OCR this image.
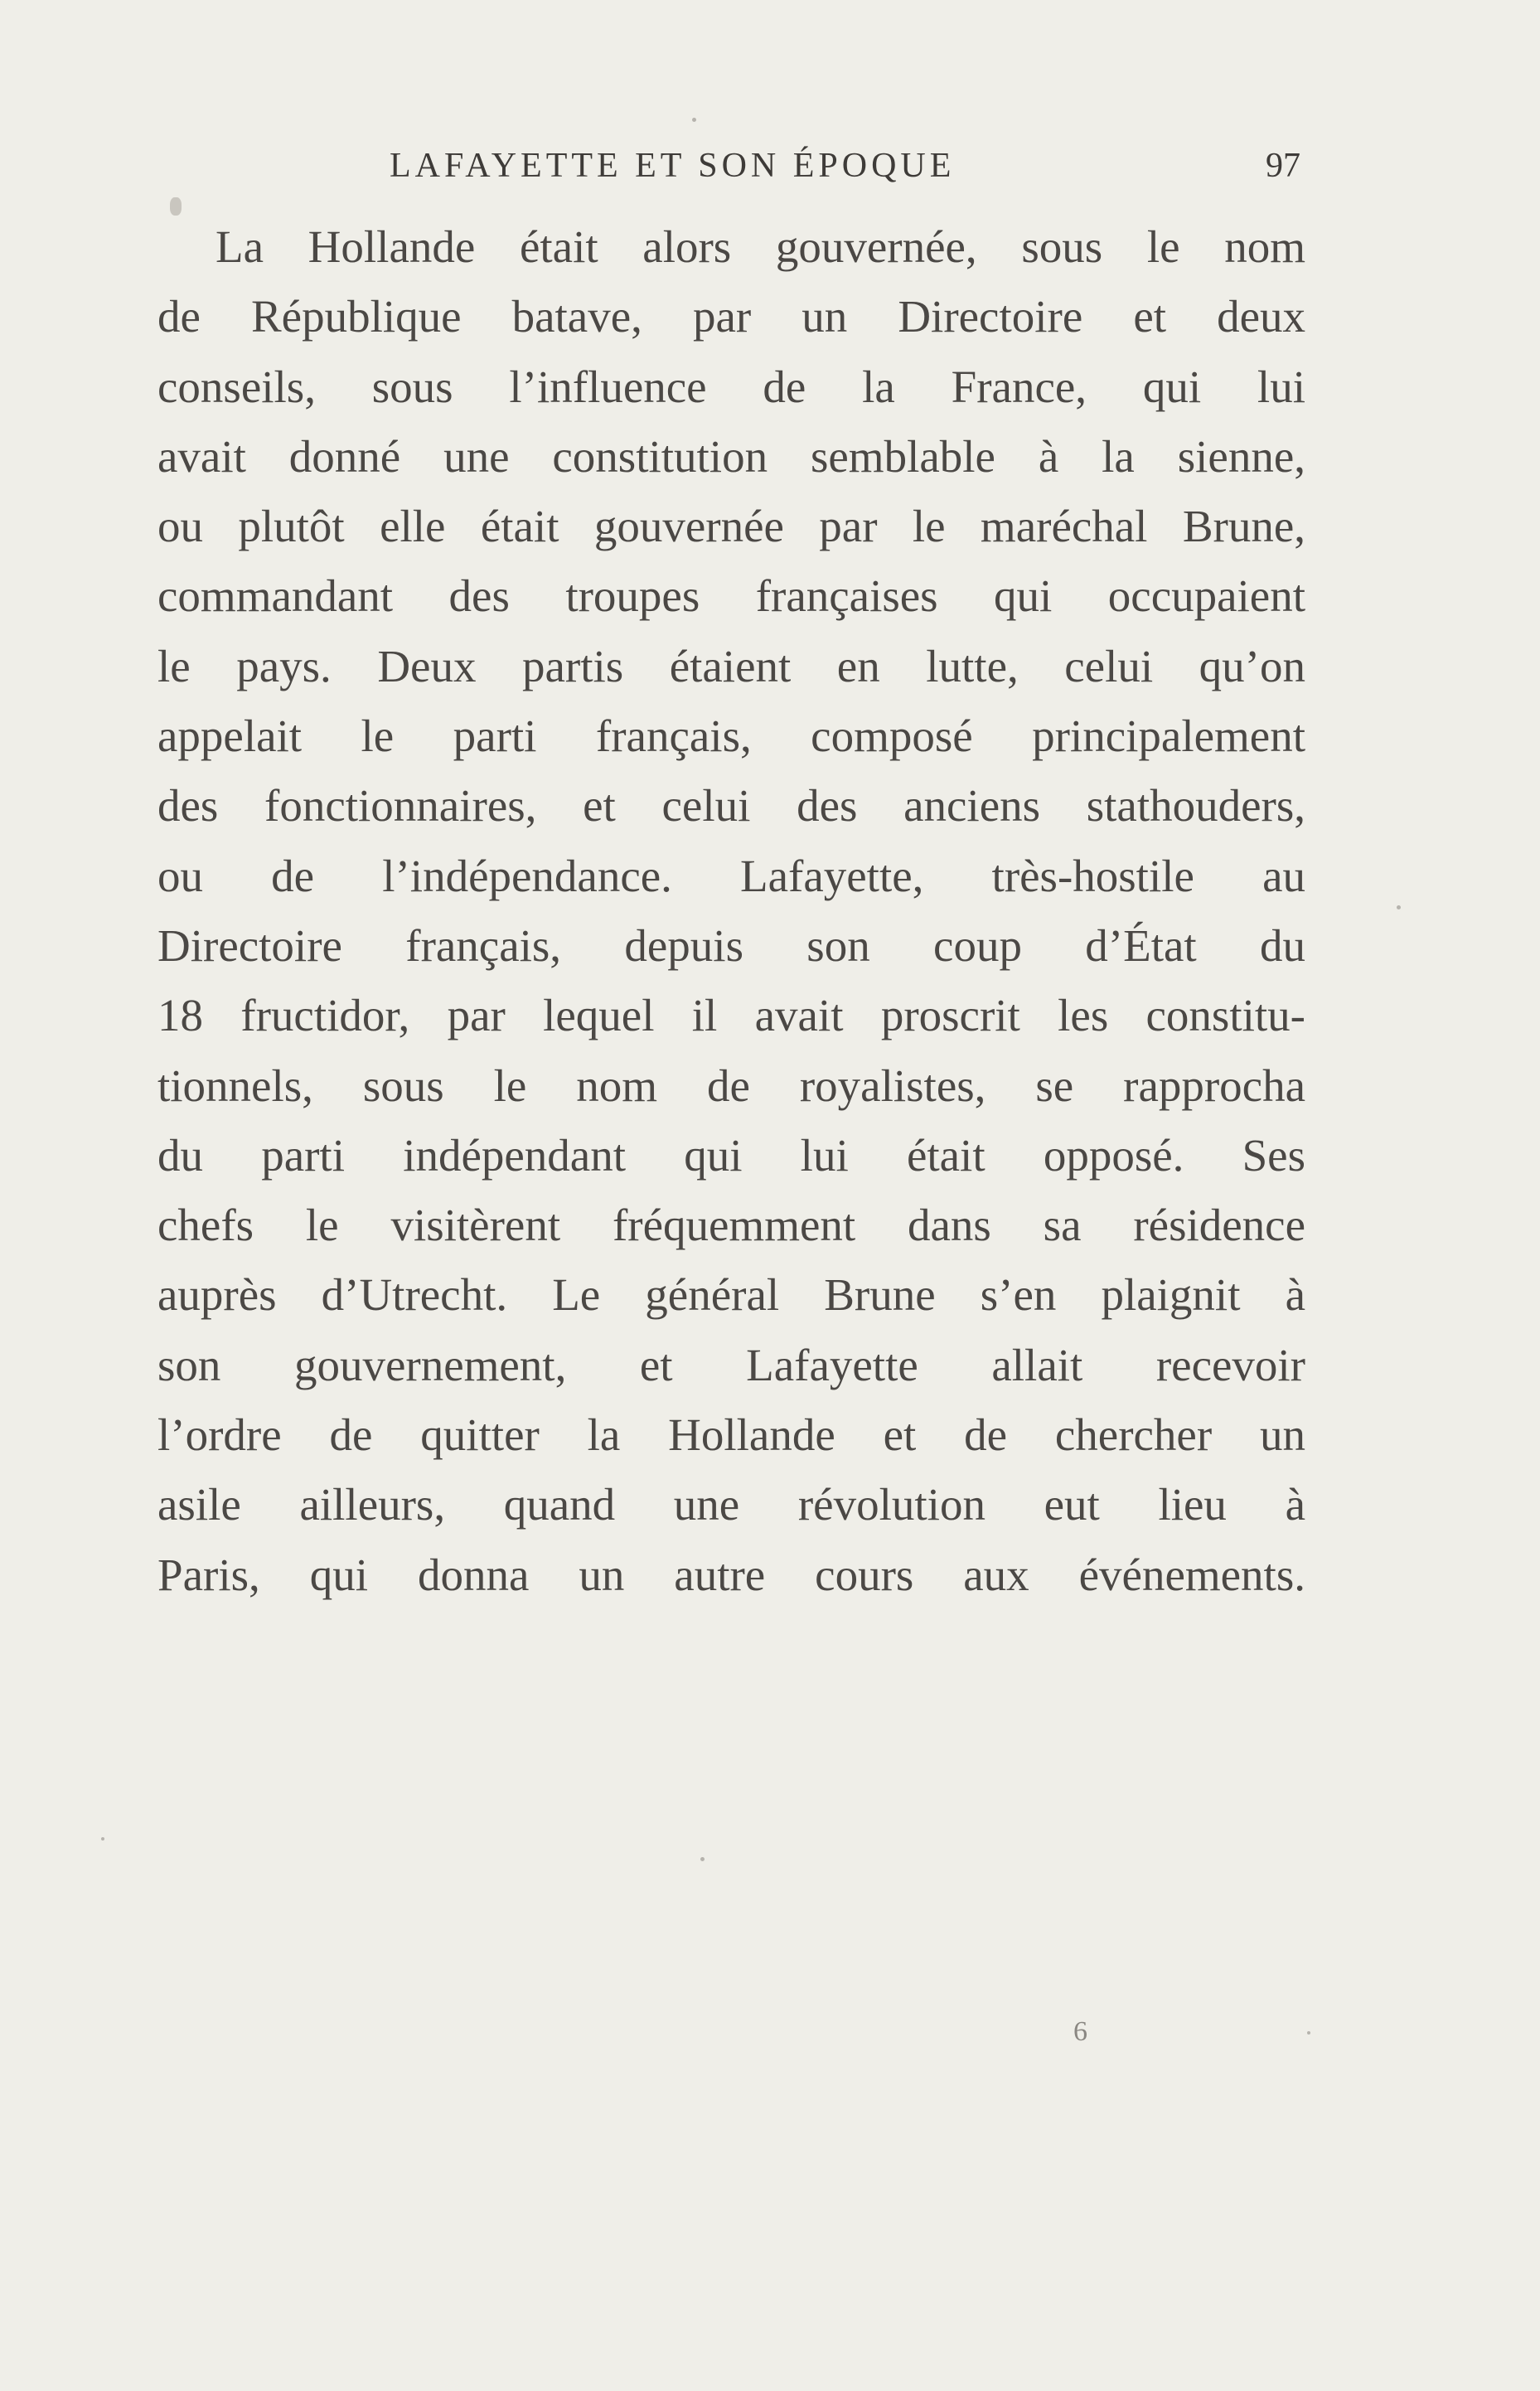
LAFAYETTE ET SON ÉPOQUE	97
La Hollande était alors gouvernée, sous le nom
de République batave, par un Directoire et deux
conseils, sous l’influence de la France, qui lui
avait donné une constitution semblable à la sienne,
ou plutôt elle était gouvernée par le maréchal Brune,
commandant des troupes françaises qui occupaient
le pays. Deux partis étaient en lutte, celui qu’on
appelait le parti français, composé principalement
des fonctionnaires, et celui des anciens stathouders,
ou de l’indépendance. Lafayette, très-hostile au
Directoire français, depuis son coup d’État du
18 fructidor, par lequel il avait proscrit les constitu-
tionnels, sous le nom de royalistes, se rapprocha
du parti indépendant qui lui était opposé. Ses
chefs le visitèrent fréquemment dans sa résidence
auprès d’Utrecht. Le général Brune s’en plaignit à
son gouvernement, et Lafayette allait recevoir
l’ordre de quitter la Hollande et de chercher un
asile ailleurs, quand une révolution eut lieu à
Paris, qui donna un autre cours aux événements.
6
